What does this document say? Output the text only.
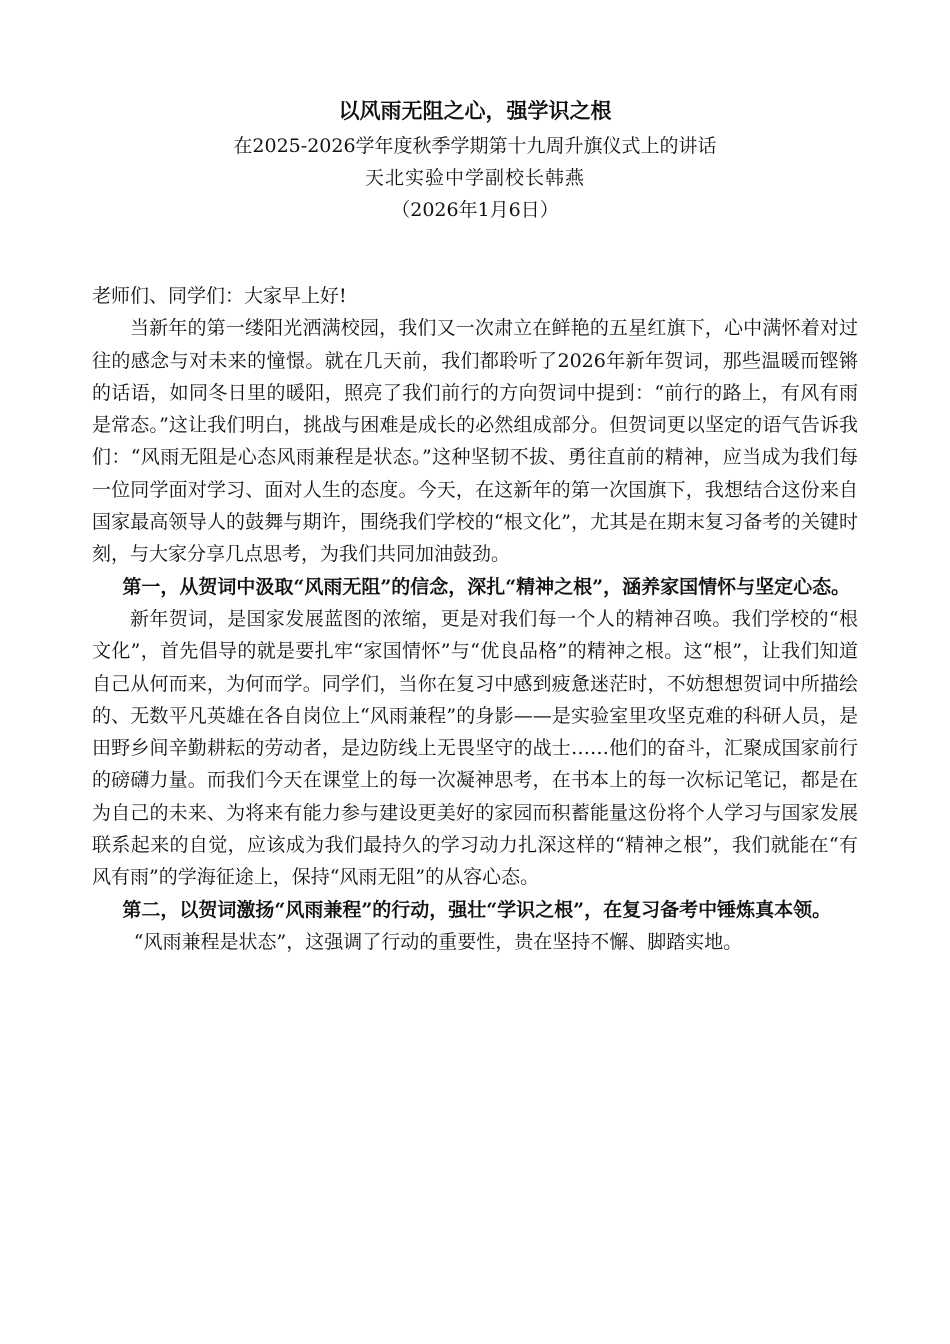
以风雨无阻之心，强学识之根
在2025-2026学年度秋季学期第十九周升旗仪式上的讲话
天北实验中学副校长韩燕
（2026年1月6日）

老师们、同学们：大家早上好!

当新年的第一缕阳光洒满校园，我们又一次肃立在鲜艳的五星红旗下，心中满怀着对过往的感念与对未来的憧憬。就在几天前，我们都聆听了2026年新年贺词，那些温暖而铿锵的话语，如同冬日里的暖阳，照亮了我们前行的方向贺词中提到：“前行的路上，有风有雨是常态。”这让我们明白，挑战与困难是成长的必然组成部分。但贺词更以坚定的语气告诉我们：“风雨无阻是心态风雨兼程是状态。”这种坚韧不拔、勇往直前的精神，应当成为我们每一位同学面对学习、面对人生的态度。今天，在这新年的第一次国旗下，我想结合这份来自国家最高领导人的鼓舞与期许，围绕我们学校的“根文化”，尤其是在期末复习备考的关键时刻，与大家分享几点思考，为我们共同加油鼓劲。

第一，从贺词中汲取“风雨无阻”的信念，深扎“精神之根”，涵养家国情怀与坚定心态。

新年贺词，是国家发展蓝图的浓缩，更是对我们每一个人的精神召唤。我们学校的“根文化”，首先倡导的就是要扎牢“家国情怀”与“优良品格”的精神之根。这“根”，让我们知道自己从何而来，为何而学。同学们，当你在复习中感到疲惫迷茫时，不妨想想贺词中所描绘的、无数平凡英雄在各自岗位上“风雨兼程”的身影——是实验室里攻坚克难的科研人员，是田野乡间辛勤耕耘的劳动者，是边防线上无畏坚守的战士……他们的奋斗，汇聚成国家前行的磅礴力量。而我们今天在课堂上的每一次凝神思考，在书本上的每一次标记笔记，都是在为自己的未来、为将来有能力参与建设更美好的家园而积蓄能量这份将个人学习与国家发展联系起来的自觉，应该成为我们最持久的学习动力扎深这样的“精神之根”，我们就能在“有风有雨”的学海征途上，保持“风雨无阻”的从容心态。

第二，以贺词激扬“风雨兼程”的行动，强壮“学识之根”，在复习备考中锤炼真本领。

“风雨兼程是状态”，这强调了行动的重要性，贵在坚持不懈、脚踏实地。
